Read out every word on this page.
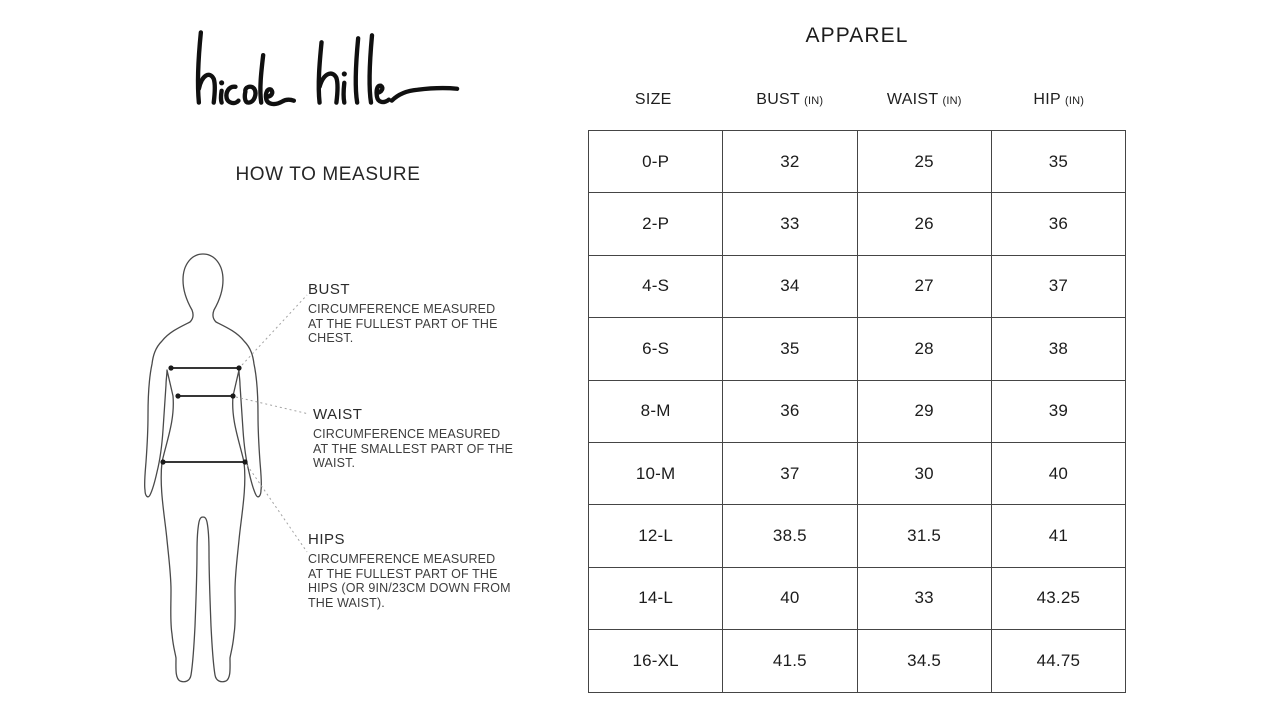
HOW TO MEASURE
BUST
CIRCUMFERENCE MEASURED
AT THE FULLEST PART OF THE
CHEST.
WAIST
CIRCUMFERENCE MEASURED
AT THE SMALLEST PART OF THE
WAIST.
HIPS
CIRCUMFERENCE MEASURED
AT THE FULLEST PART OF THE
HIPS (OR 9IN/23CM DOWN FROM
THE WAIST).
APPAREL
SIZE	BUST (IN)	WAIST (IN)	HIP (IN)
0-P	32	25	35
2-P	33	26	36
4-S	34	27	37
6-S	35	28	38
8-M	36	29	39
10-M	37	30	40
12-L	38.5	31.5	41
14-L	40	33	43.25
16-XL	41.5	34.5	44.75
